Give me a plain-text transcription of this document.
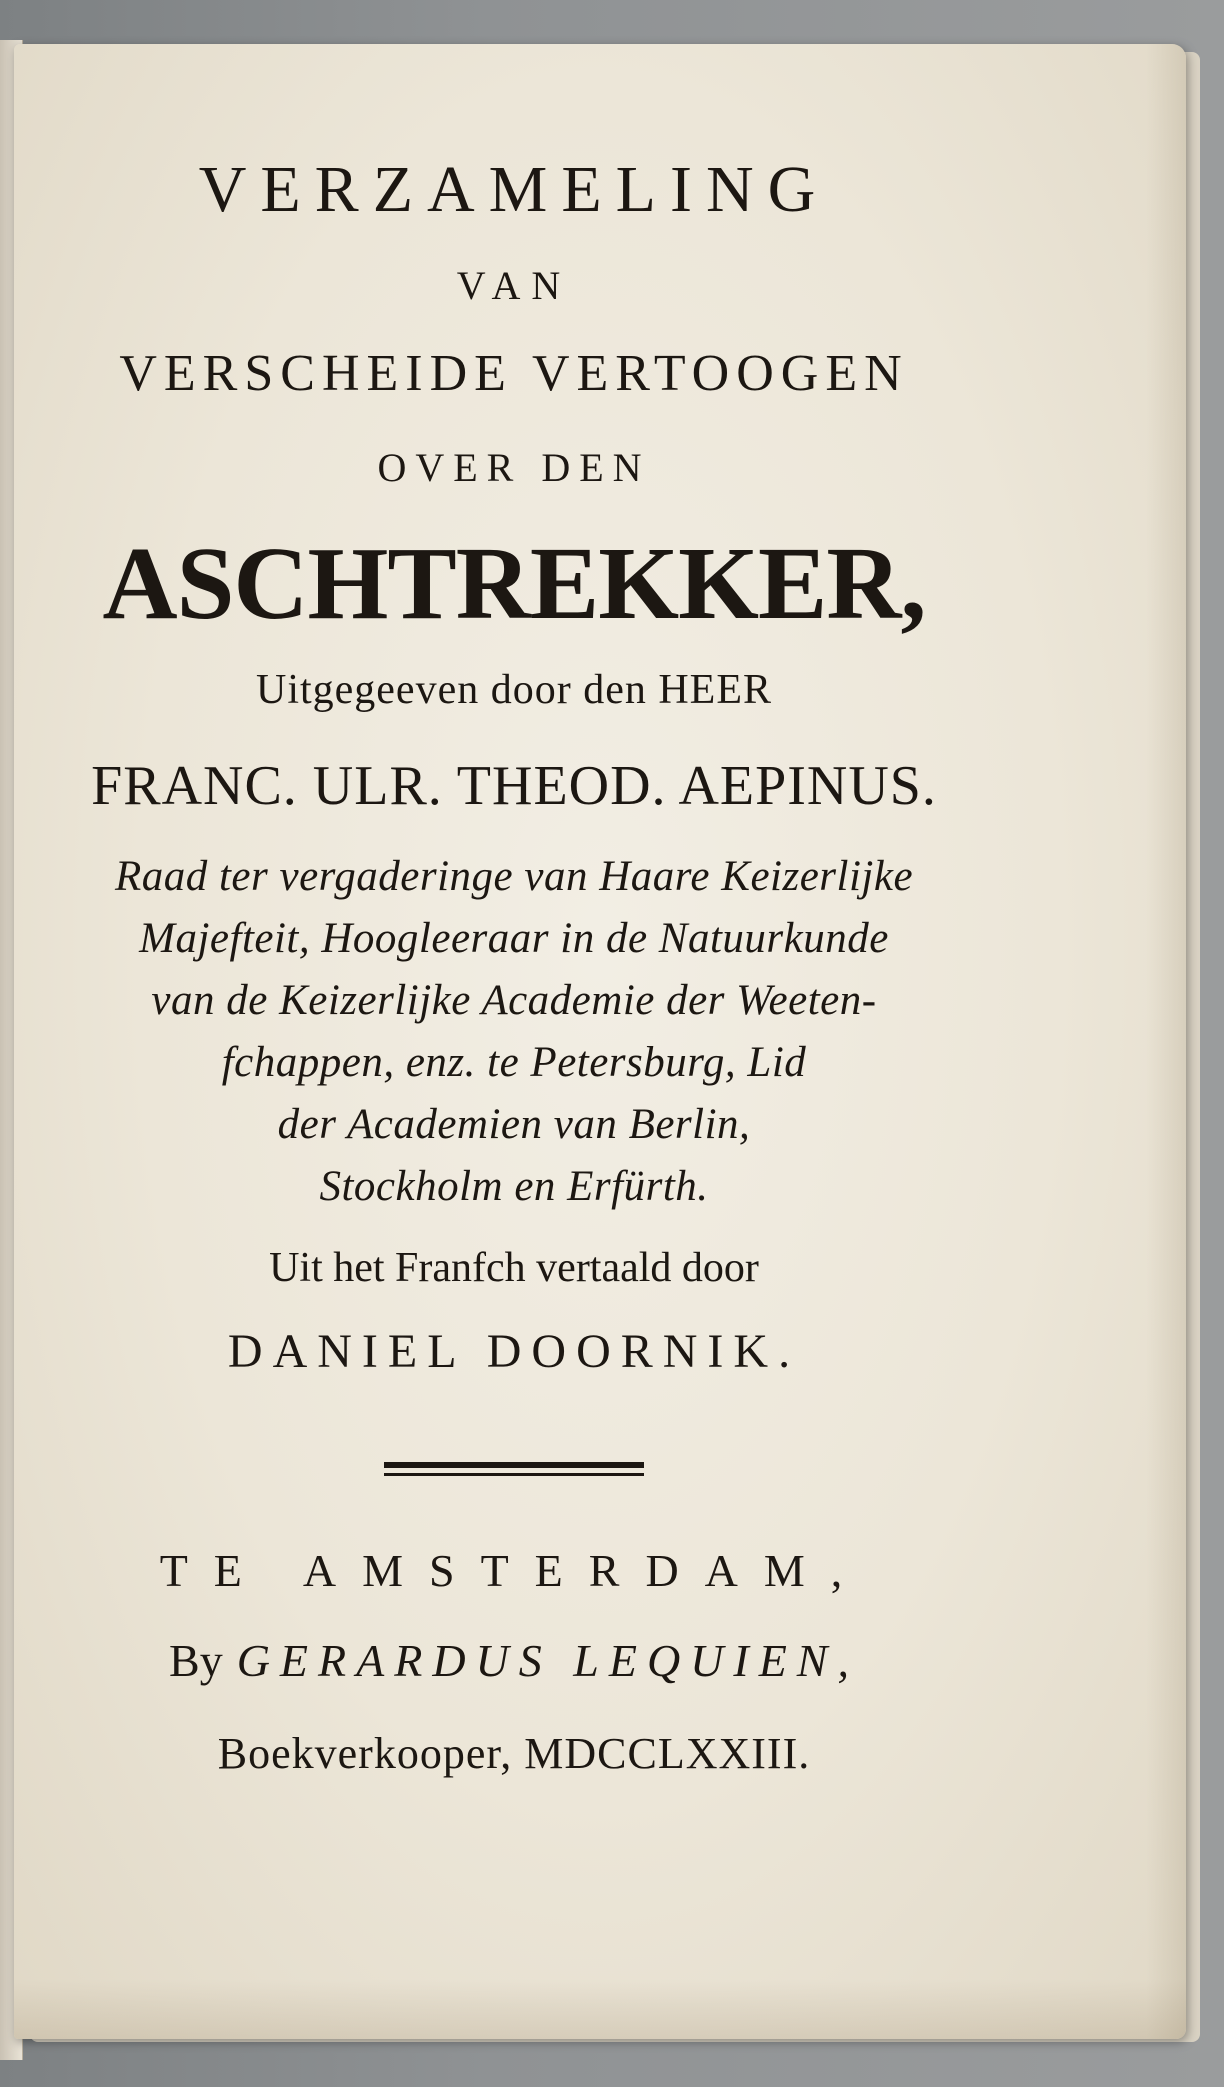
VERZAMELING
VAN
VERSCHEIDE VERTOOGEN
OVER DEN
ASCHTREKKER,
Uitgegeeven door den HEER
FRANC. ULR. THEOD. AEPINUS.
Raad ter vergaderinge van Haare Keizerlijke
Majefteit, Hoogleeraar in de Natuurkunde
van de Keizerlijke Academie der Weeten-
fchappen, enz. te Petersburg, Lid
der Academien van Berlin,
Stockholm en Erfürth.
Uit het Franfch vertaald door
DANIEL DOORNIK.
TE AMSTERDAM,
By GERARDUS LEQUIEN,
Boekverkooper, MDCCLXXIII.
